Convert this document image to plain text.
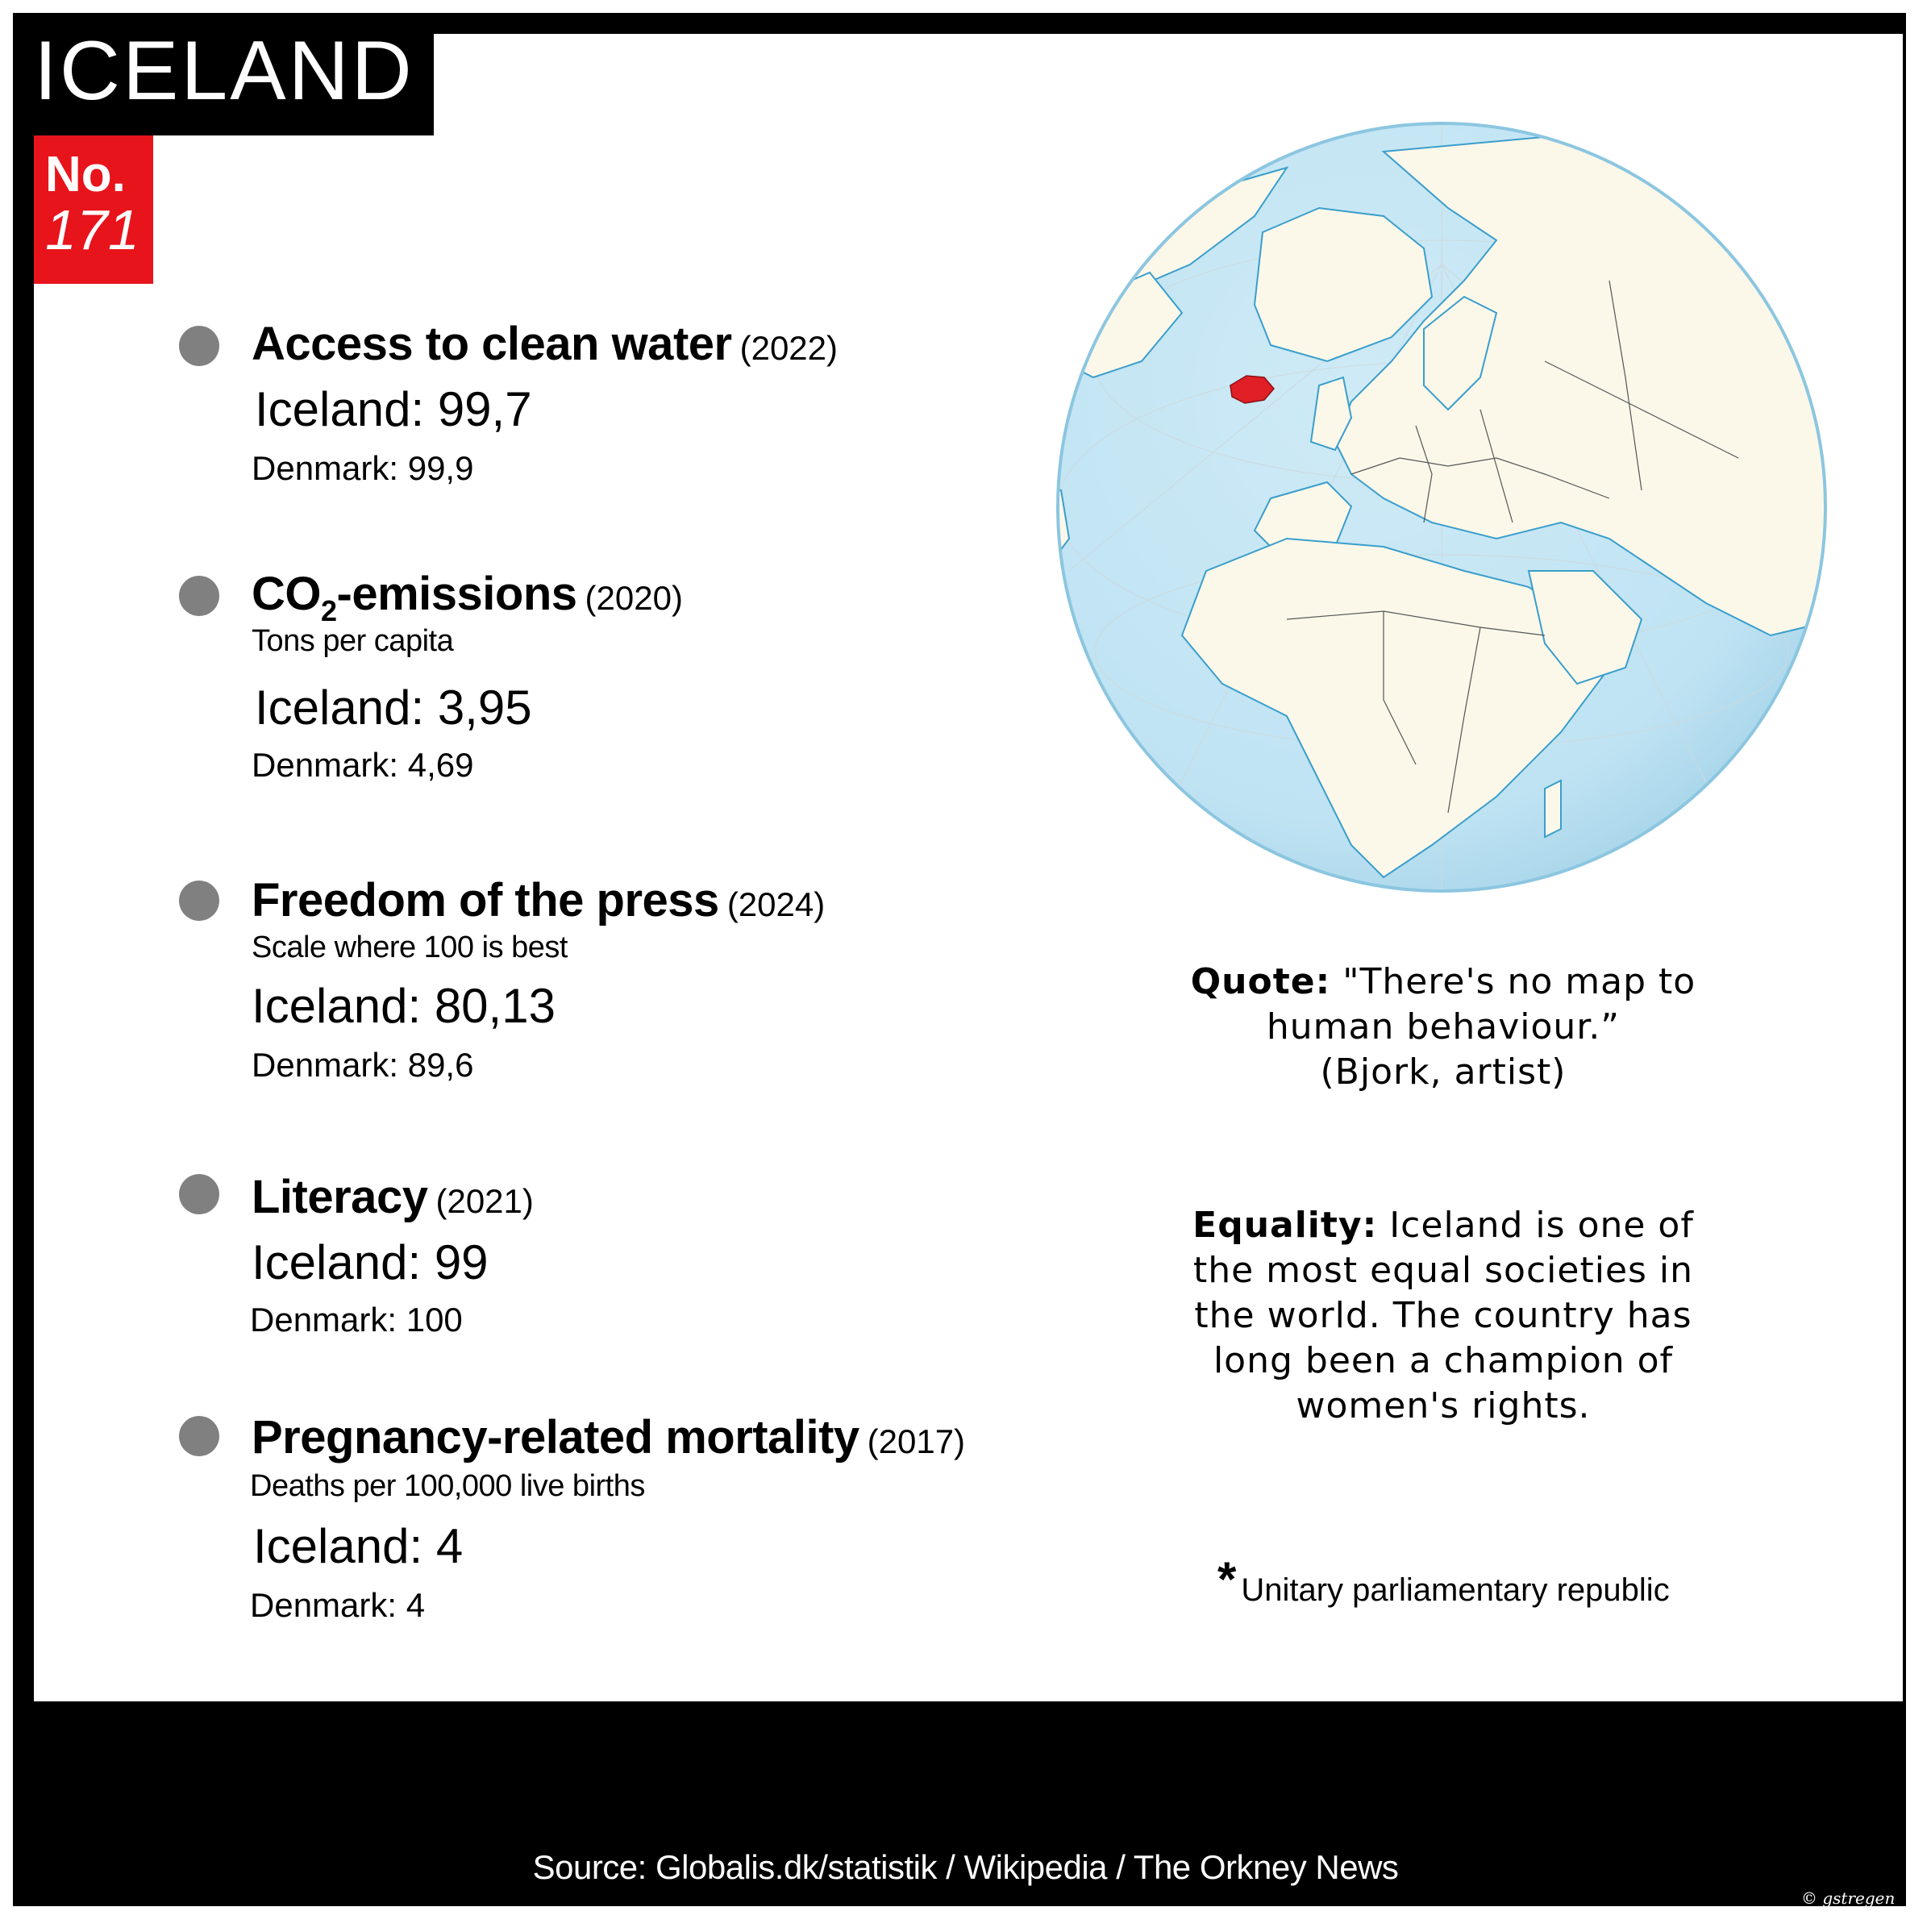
ICELAND
No.
171
Access to clean water (2022)
Iceland: 99,7
Denmark: 99,9
$CO_2$-emissions (2020)
Tons per capita
Iceland: 3,95
Denmark: 4,69
Freedom of the press (2024)
Scale where 100 is best
Iceland: 80,13
Denmark: 89,6
Literacy (2021)
Iceland: 99
Denmark: 100
Pregnancy-related mortality (2017)
Deaths per 100,000 live births
Iceland: 4
Denmark: 4
Quote: "There's no map to
human behaviour.”
(Bjork, artist)
Equality: Iceland is one of the most equal societies in the world. The country has long been a champion of women's rights.
* Unitary parliamentary republic
Source: Globalis.dk/statistik / Wikipedia / The Orkney News
© gstregen
